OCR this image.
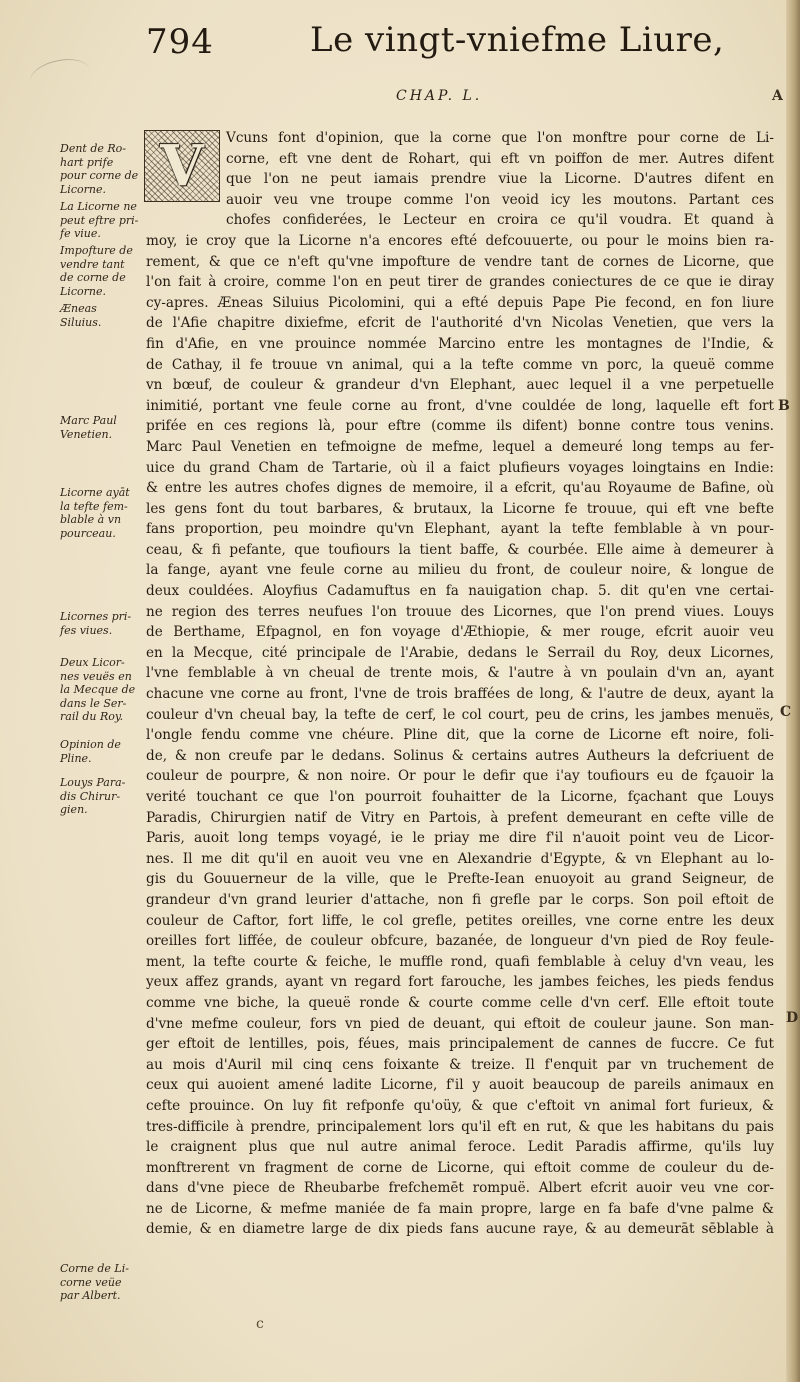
794	Le vingt-vniefme Liure,
CHAP. L.	A
B
C
D
Dent de Ro-
hart prife
pour corne de
Licorne.
La Licorne ne
peut eftre pri-
fe viue.
Impofture de
vendre tant
de corne de
Licorne.
Æneas
Siluius.
Marc Paul
Venetien.
Licorne ayāt
la tefte fem-
blable à vn
pourceau.
Licornes pri-
fes viues.
Deux Licor-
nes veuës en
la Mecque de
dans le Ser-
rail du Roy.
Opinion de
Pline.
Louys Para-
dis Chirur-
gien.
Corne de Li-
corne veüe
par Albert.
V	Vcuns font d'opinion, que la corne que l'on monftre pour corne de Li-
corne, eft vne dent de Rohart, qui eft vn poiffon de mer. Autres difent
que l'on ne peut iamais prendre viue la Licorne. D'autres difent en
auoir veu vne troupe comme l'on veoid icy les moutons. Partant ces
chofes confiderées, le Lecteur en croira ce qu'il voudra. Et quand à
moy, ie croy que la Licorne n'a encores efté defcouuerte, ou pour le moins bien ra-
rement, & que ce n'eft qu'vne impofture de vendre tant de cornes de Licorne, que
l'on fait à croire, comme l'on en peut tirer de grandes coniectures de ce que ie diray
cy-apres. Æneas Siluius Picolomini, qui a efté depuis Pape Pie fecond, en fon liure
de l'Afie chapitre dixiefme, efcrit de l'authorité d'vn Nicolas Venetien, que vers la
fin d'Afie, en vne prouince nommée Marcino entre les montagnes de l'Indie, &
de Cathay, il fe trouue vn animal, qui a la tefte comme vn porc, la queuë comme
vn bœuf, de couleur & grandeur d'vn Elephant, auec lequel il a vne perpetuelle
inimitié, portant vne feule corne au front, d'vne couldée de long, laquelle eft fort
prifée en ces regions là, pour eftre (comme ils difent) bonne contre tous venins.
Marc Paul Venetien en tefmoigne de mefme, lequel a demeuré long temps au fer-
uice du grand Cham de Tartarie, où il a faict plufieurs voyages loingtains en Indie:
& entre les autres chofes dignes de memoire, il a efcrit, qu'au Royaume de Bafine, où
les gens font du tout barbares, & brutaux, la Licorne fe trouue, qui eft vne befte
fans proportion, peu moindre qu'vn Elephant, ayant la tefte femblable à vn pour-
ceau, & fi pefante, que toufiours la tient baffe, & courbée. Elle aime à demeurer à
la fange, ayant vne feule corne au milieu du front, de couleur noire, & longue de
deux couldées. Aloyfius Cadamuftus en fa nauigation chap. 5. dit qu'en vne certai-
ne region des terres neufues l'on trouue des Licornes, que l'on prend viues. Louys
de Berthame, Efpagnol, en fon voyage d'Æthiopie, & mer rouge, efcrit auoir veu
en la Mecque, cité principale de l'Arabie, dedans le Serrail du Roy, deux Licornes,
l'vne femblable à vn cheual de trente mois, & l'autre à vn poulain d'vn an, ayant
chacune vne corne au front, l'vne de trois braffées de long, & l'autre de deux, ayant la
couleur d'vn cheual bay, la tefte de cerf, le col court, peu de crins, les jambes menuës,
l'ongle fendu comme vne chéure. Pline dit, que la corne de Licorne eft noire, foli-
de, & non creufe par le dedans. Solinus & certains autres Autheurs la defcriuent de
couleur de pourpre, & non noire. Or pour le defir que i'ay toufiours eu de fçauoir la
verité touchant ce que l'on pourroit fouhaitter de la Licorne, fçachant que Louys
Paradis, Chirurgien natif de Vitry en Partois, à prefent demeurant en cefte ville de
Paris, auoit long temps voyagé, ie le priay me dire f'il n'auoit point veu de Licor-
nes. Il me dit qu'il en auoit veu vne en Alexandrie d'Egypte, & vn Elephant au lo-
gis du Gouuerneur de la ville, que le Prefte-Iean enuoyoit au grand Seigneur, de
grandeur d'vn grand leurier d'attache, non fi grefle par le corps. Son poil eftoit de
couleur de Caftor, fort liffe, le col grefle, petites oreilles, vne corne entre les deux
oreilles fort liffée, de couleur obfcure, bazanée, de longueur d'vn pied de Roy feule-
ment, la tefte courte & feiche, le muffle rond, quafi femblable à celuy d'vn veau, les
yeux affez grands, ayant vn regard fort farouche, les jambes feiches, les pieds fendus
comme vne biche, la queuë ronde & courte comme celle d'vn cerf. Elle eftoit toute
d'vne mefme couleur, fors vn pied de deuant, qui eftoit de couleur jaune. Son man-
ger eftoit de lentilles, pois, féues, mais principalement de cannes de fuccre. Ce fut
au mois d'Auril mil cinq cens foixante & treize. Il f'enquit par vn truchement de
ceux qui auoient amené ladite Licorne, f'il y auoit beaucoup de pareils animaux en
cefte prouince. On luy fit refponfe qu'oüy, & que c'eftoit vn animal fort furieux, &
tres-difficile à prendre, principalement lors qu'il eft en rut, & que les habitans du pais
le craignent plus que nul autre animal feroce. Ledit Paradis affirme, qu'ils luy
monftrerent vn fragment de corne de Licorne, qui eftoit comme de couleur du de-
dans d'vne piece de Rheubarbe frefchemēt rompuë. Albert efcrit auoir veu vne cor-
ne de Licorne, & mefme maniée de fa main propre, large en fa bafe d'vne palme &
demie, & en diametre large de dix pieds fans aucune raye, & au demeurāt sēblable à
c
